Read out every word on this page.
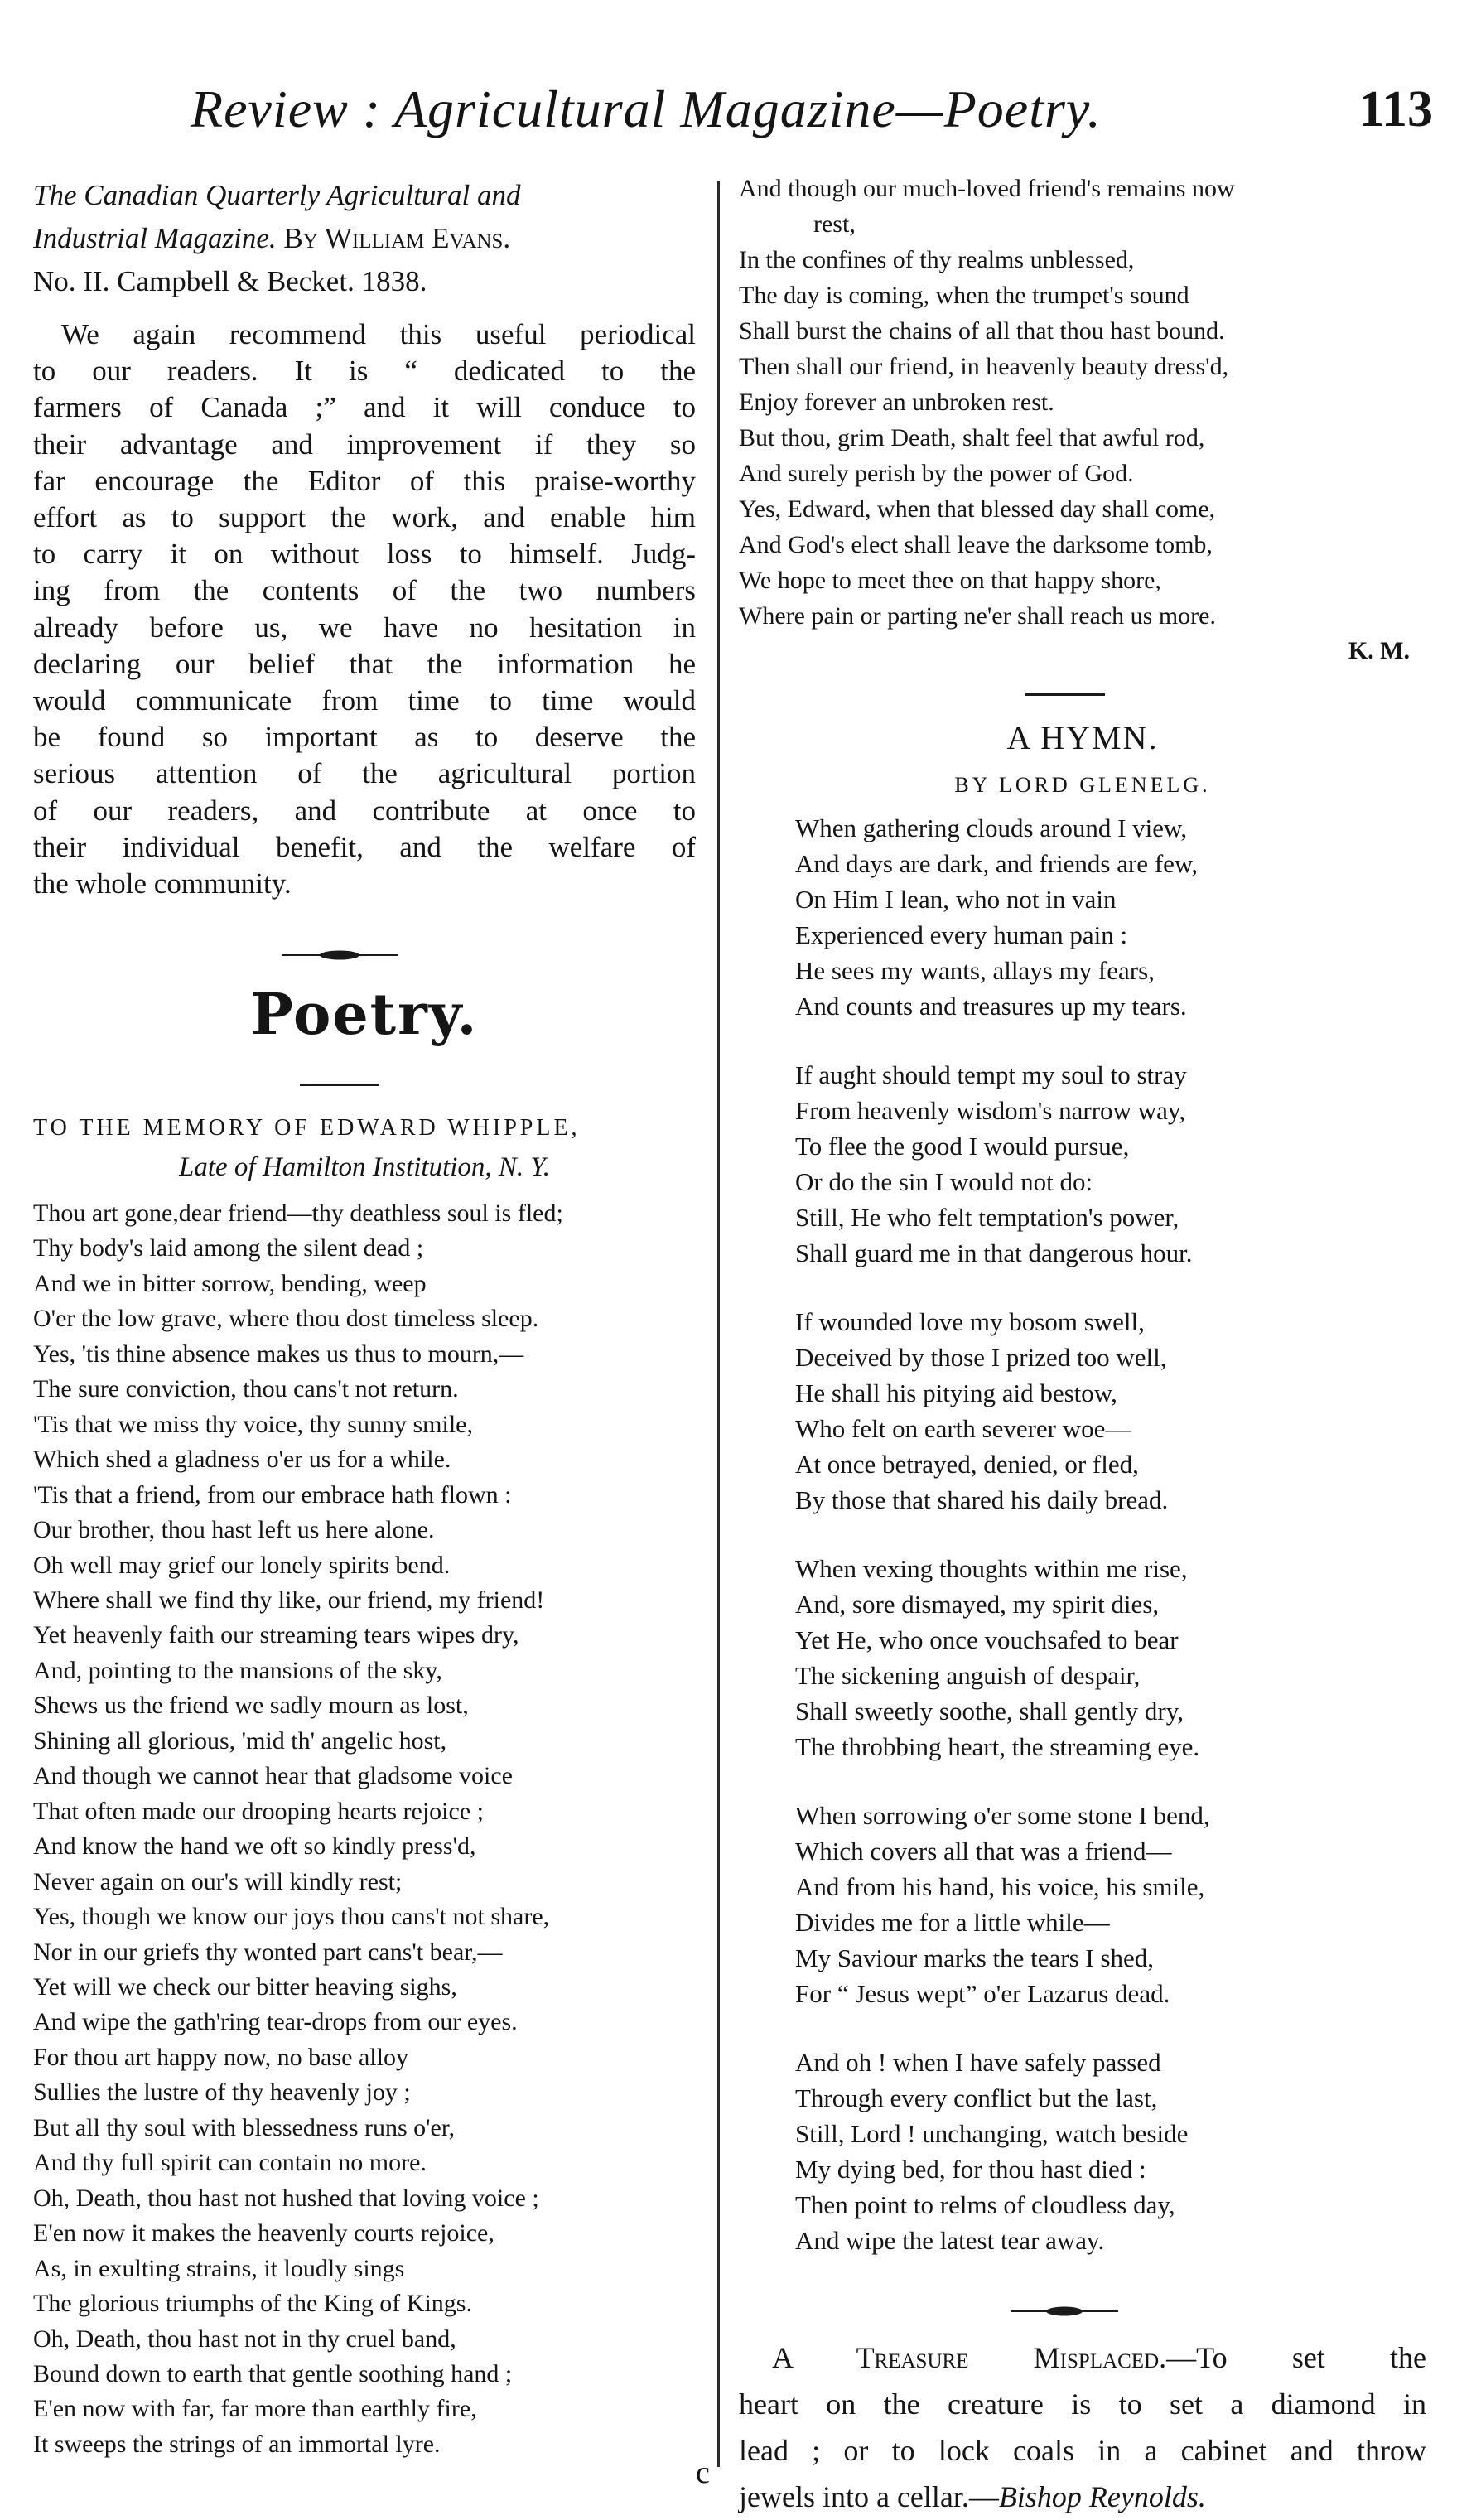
Review : Agricultural Magazine—Poetry.	113
The Canadian Quarterly Agricultural and
Industrial Magazine. By William Evans.
No. II. Campbell & Becket. 1838.
We again recommend this useful periodical
to our readers. It is “ dedicated to the
farmers of Canada ;” and it will conduce to
their advantage and improvement if they so
far encourage the Editor of this praise-worthy
effort as to support the work, and enable him
to carry it on without loss to himself. Judg-
ing from the contents of the two numbers
already before us, we have no hesitation in
declaring our belief that the information he
would communicate from time to time would
be found so important as to deserve the
serious attention of the agricultural portion
of our readers, and contribute at once to
their individual benefit, and the welfare of
the whole community.
Poetry.
TO THE MEMORY OF EDWARD WHIPPLE,
Late of Hamilton Institution, N. Y.
Thou art gone,dear friend—thy deathless soul is fled;
Thy body's laid among the silent dead ;
And we in bitter sorrow, bending, weep
O'er the low grave, where thou dost timeless sleep.
Yes, 'tis thine absence makes us thus to mourn,—
The sure conviction, thou cans't not return.
'Tis that we miss thy voice, thy sunny smile,
Which shed a gladness o'er us for a while.
'Tis that a friend, from our embrace hath flown :
Our brother, thou hast left us here alone.
Oh well may grief our lonely spirits bend.
Where shall we find thy like, our friend, my friend!
Yet heavenly faith our streaming tears wipes dry,
And, pointing to the mansions of the sky,
Shews us the friend we sadly mourn as lost,
Shining all glorious, 'mid th' angelic host,
And though we cannot hear that gladsome voice
That often made our drooping hearts rejoice ;
And know the hand we oft so kindly press'd,
Never again on our's will kindly rest;
Yes, though we know our joys thou cans't not share,
Nor in our griefs thy wonted part cans't bear,—
Yet will we check our bitter heaving sighs,
And wipe the gath'ring tear-drops from our eyes.
For thou art happy now, no base alloy
Sullies the lustre of thy heavenly joy ;
But all thy soul with blessedness runs o'er,
And thy full spirit can contain no more.
Oh, Death, thou hast not hushed that loving voice ;
E'en now it makes the heavenly courts rejoice,
As, in exulting strains, it loudly sings
The glorious triumphs of the King of Kings.
Oh, Death, thou hast not in thy cruel band,
Bound down to earth that gentle soothing hand ;
E'en now with far, far more than earthly fire,
It sweeps the strings of an immortal lyre.
And though our much-loved friend's remains now
rest,
In the confines of thy realms unblessed,
The day is coming, when the trumpet's sound
Shall burst the chains of all that thou hast bound.
Then shall our friend, in heavenly beauty dress'd,
Enjoy forever an unbroken rest.
But thou, grim Death, shalt feel that awful rod,
And surely perish by the power of God.
Yes, Edward, when that blessed day shall come,
And God's elect shall leave the darksome tomb,
We hope to meet thee on that happy shore,
Where pain or parting ne'er shall reach us more.
K. M.
A HYMN.
BY LORD GLENELG.
When gathering clouds around I view,
And days are dark, and friends are few,
On Him I lean, who not in vain
Experienced every human pain :
He sees my wants, allays my fears,
And counts and treasures up my tears.
If aught should tempt my soul to stray
From heavenly wisdom's narrow way,
To flee the good I would pursue,
Or do the sin I would not do:
Still, He who felt temptation's power,
Shall guard me in that dangerous hour.
If wounded love my bosom swell,
Deceived by those I prized too well,
He shall his pitying aid bestow,
Who felt on earth severer woe—
At once betrayed, denied, or fled,
By those that shared his daily bread.
When vexing thoughts within me rise,
And, sore dismayed, my spirit dies,
Yet He, who once vouchsafed to bear
The sickening anguish of despair,
Shall sweetly soothe, shall gently dry,
The throbbing heart, the streaming eye.
When sorrowing o'er some stone I bend,
Which covers all that was a friend—
And from his hand, his voice, his smile,
Divides me for a little while—
My Saviour marks the tears I shed,
For “ Jesus wept” o'er Lazarus dead.
And oh ! when I have safely passed
Through every conflict but the last,
Still, Lord ! unchanging, watch beside
My dying bed, for thou hast died :
Then point to relms of cloudless day,
And wipe the latest tear away.
A Treasure Misplaced.—To set the
heart on the creature is to set a diamond in
lead ; or to lock coals in a cabinet and throw
jewels into a cellar.—Bishop Reynolds.
c
